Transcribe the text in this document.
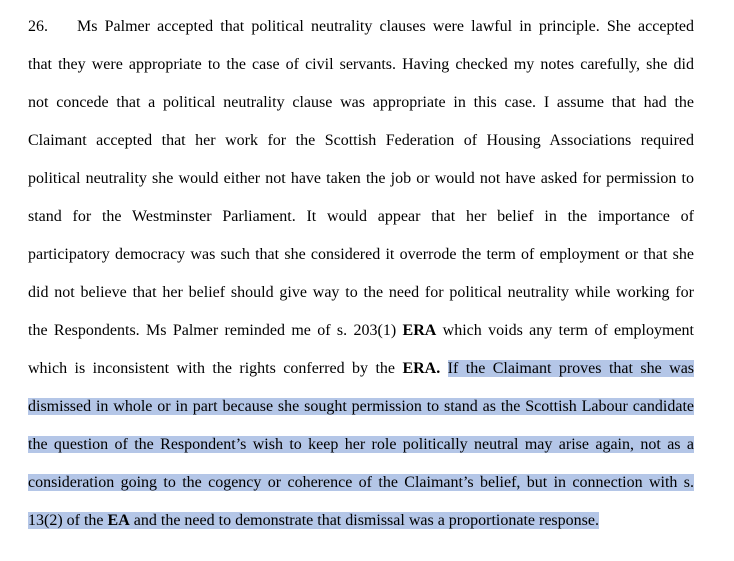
26. Ms Palmer accepted that political neutrality clauses were lawful in principle. She accepted
that they were appropriate to the case of civil servants. Having checked my notes carefully, she did
not concede that a political neutrality clause was appropriate in this case. I assume that had the
Claimant accepted that her work for the Scottish Federation of Housing Associations required
political neutrality she would either not have taken the job or would not have asked for permission to
stand for the Westminster Parliament. It would appear that her belief in the importance of
participatory democracy was such that she considered it overrode the term of employment or that she
did not believe that her belief should give way to the need for political neutrality while working for
the Respondents. Ms Palmer reminded me of s. 203(1) ERA which voids any term of employment
which is inconsistent with the rights conferred by the ERA. If the Claimant proves that she was
dismissed in whole or in part because she sought permission to stand as the Scottish Labour candidate
the question of the Respondent’s wish to keep her role politically neutral may arise again, not as a
consideration going to the cogency or coherence of the Claimant’s belief, but in connection with s.
13(2) of the EA and the need to demonstrate that dismissal was a proportionate response.
